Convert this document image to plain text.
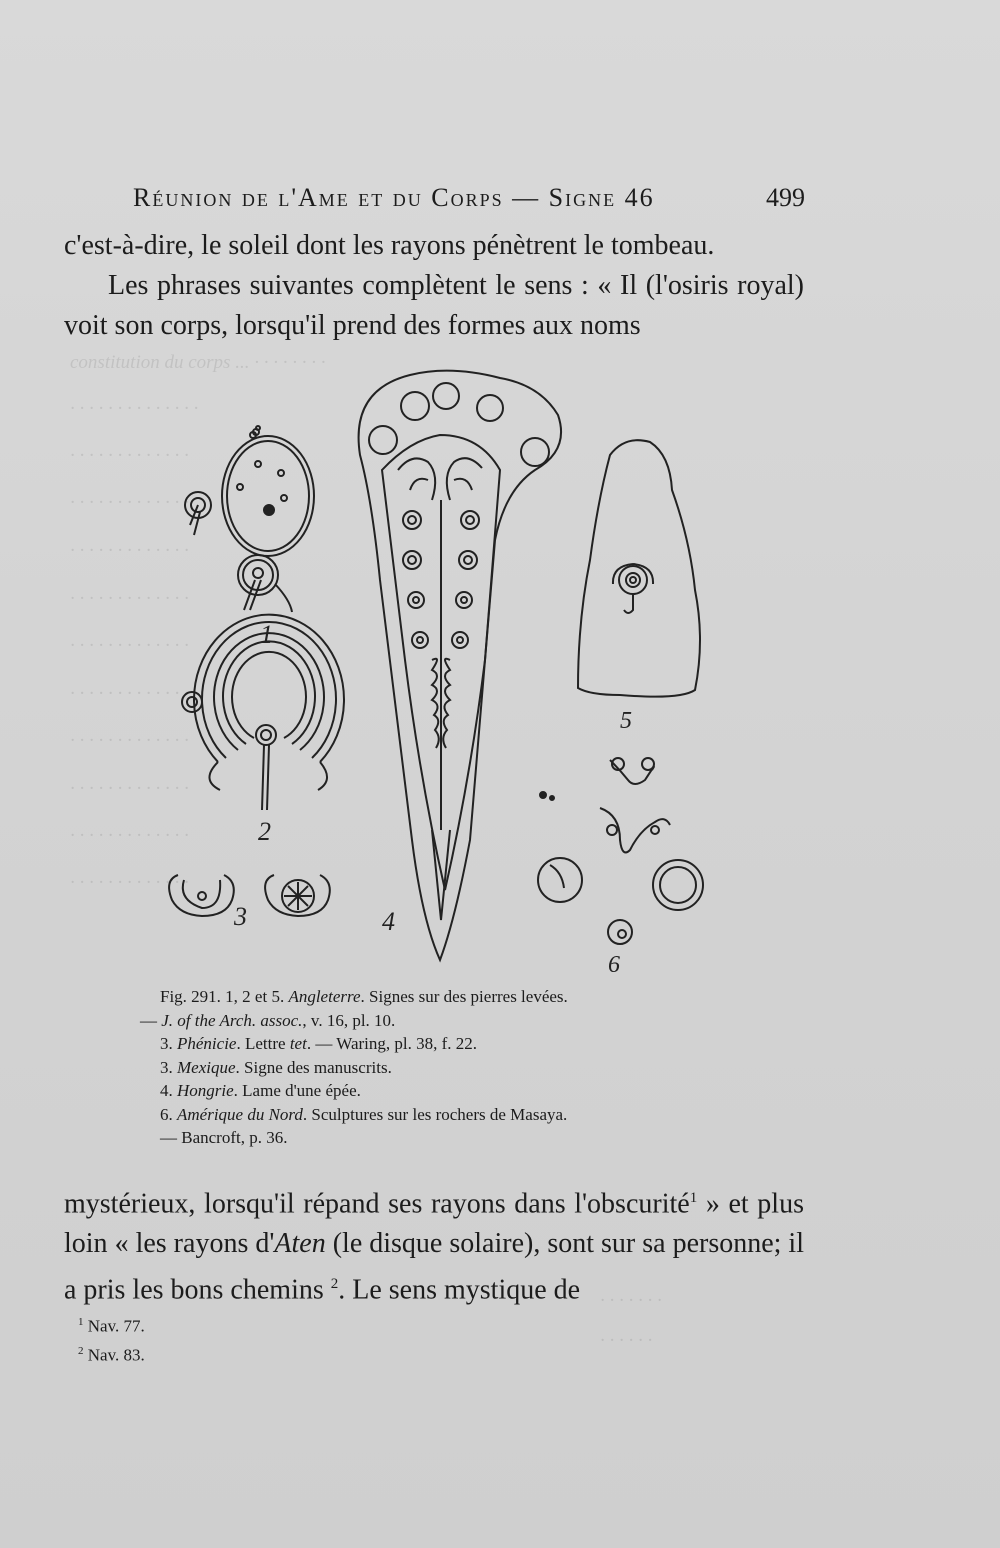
constitution du corps ... · · · · · · · ·
· · · · · · · · · · · · · ·
· · · · · · · · · · · · ·
· · · · · · · · · · · · ·
· · · · · · · · · · · · ·
· · · · · · · · · · · · ·
· · · · · · · · · · · · ·
· · · · · · · · · · · · ·
· · · · · · · · · · · · ·
· · · · · · · · · · · · ·
· · · · · · · · · · · · ·
· · · · · · · · · · · · ·
· · · · · · ·
· · · · · ·
Réunion de l'Ame et du Corps — Signe 46	499

c'est-à-dire, le soleil dont les rayons pénètrent le tombeau.

Les phrases suivantes complètent le sens : « Il (l'osiris royal) voit son corps, lorsqu'il prend des formes aux noms

1
2
3	4
5
6
Fig. 291. 1, 2 et 5. Angleterre. Signes sur des pierres levées.
— J. of the Arch. assoc., v. 16, pl. 10.
3. Phénicie. Lettre tet. — Waring, pl. 38, f. 22.
3. Mexique. Signe des manuscrits.
4. Hongrie. Lame d'une épée.
6. Amérique du Nord. Sculptures sur les rochers de Masaya.
— Bancroft, p. 36.

mystérieux, lorsqu'il répand ses rayons dans l'obscurité$^1$ » et plus loin « les rayons d'Aten (le disque solaire), sont sur sa personne; il a pris les bons chemins $^2$. Le sens mystique de

$^1$ Nav. 77.
$^2$ Nav. 83.
